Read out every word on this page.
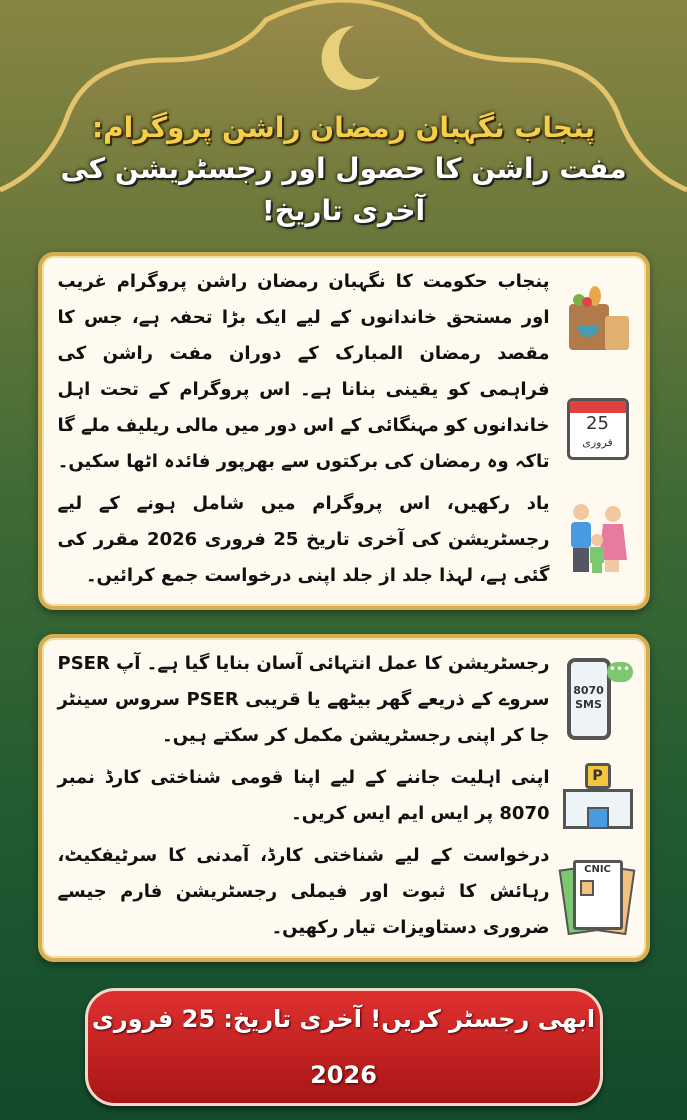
پنجاب نگہبان رمضان راشن پروگرام:
مفت راشن کا حصول اور رجسٹریشن کی آخری تاریخ!
25
فروری
پنجاب حکومت کا نگہبان رمضان راشن پروگرام غریب اور مستحق خاندانوں کے لیے ایک بڑا تحفہ ہے، جس کا مقصد رمضان المبارک کے دوران مفت راشن کی فراہمی کو یقینی بنانا ہے۔ اس پروگرام کے تحت اہل خاندانوں کو مہنگائی کے اس دور میں مالی ریلیف ملے گا تاکہ وہ رمضان کی برکتوں سے بھرپور فائدہ اٹھا سکیں۔
یاد رکھیں، اس پروگرام میں شامل ہونے کے لیے رجسٹریشن کی آخری تاریخ 25 فروری 2026 مقرر کی گئی ہے، لہذا جلد از جلد اپنی درخواست جمع کرائیں۔
8070
SMS
•••
P
CNIC
رجسٹریشن کا عمل انتہائی آسان بنایا گیا ہے۔ آپ PSER سروے کے ذریعے گھر بیٹھے یا قریبی PSER سروس سینٹر جا کر اپنی رجسٹریشن مکمل کر سکتے ہیں۔
اپنی اہلیت جاننے کے لیے اپنا قومی شناختی کارڈ نمبر 8070 پر ایس ایم ایس کریں۔
درخواست کے لیے شناختی کارڈ، آمدنی کا سرٹیفکیٹ، رہائش کا ثبوت اور فیملی رجسٹریشن فارم جیسے ضروری دستاویزات تیار رکھیں۔
ابھی رجسٹر کریں! آخری تاریخ: 25 فروری 2026
